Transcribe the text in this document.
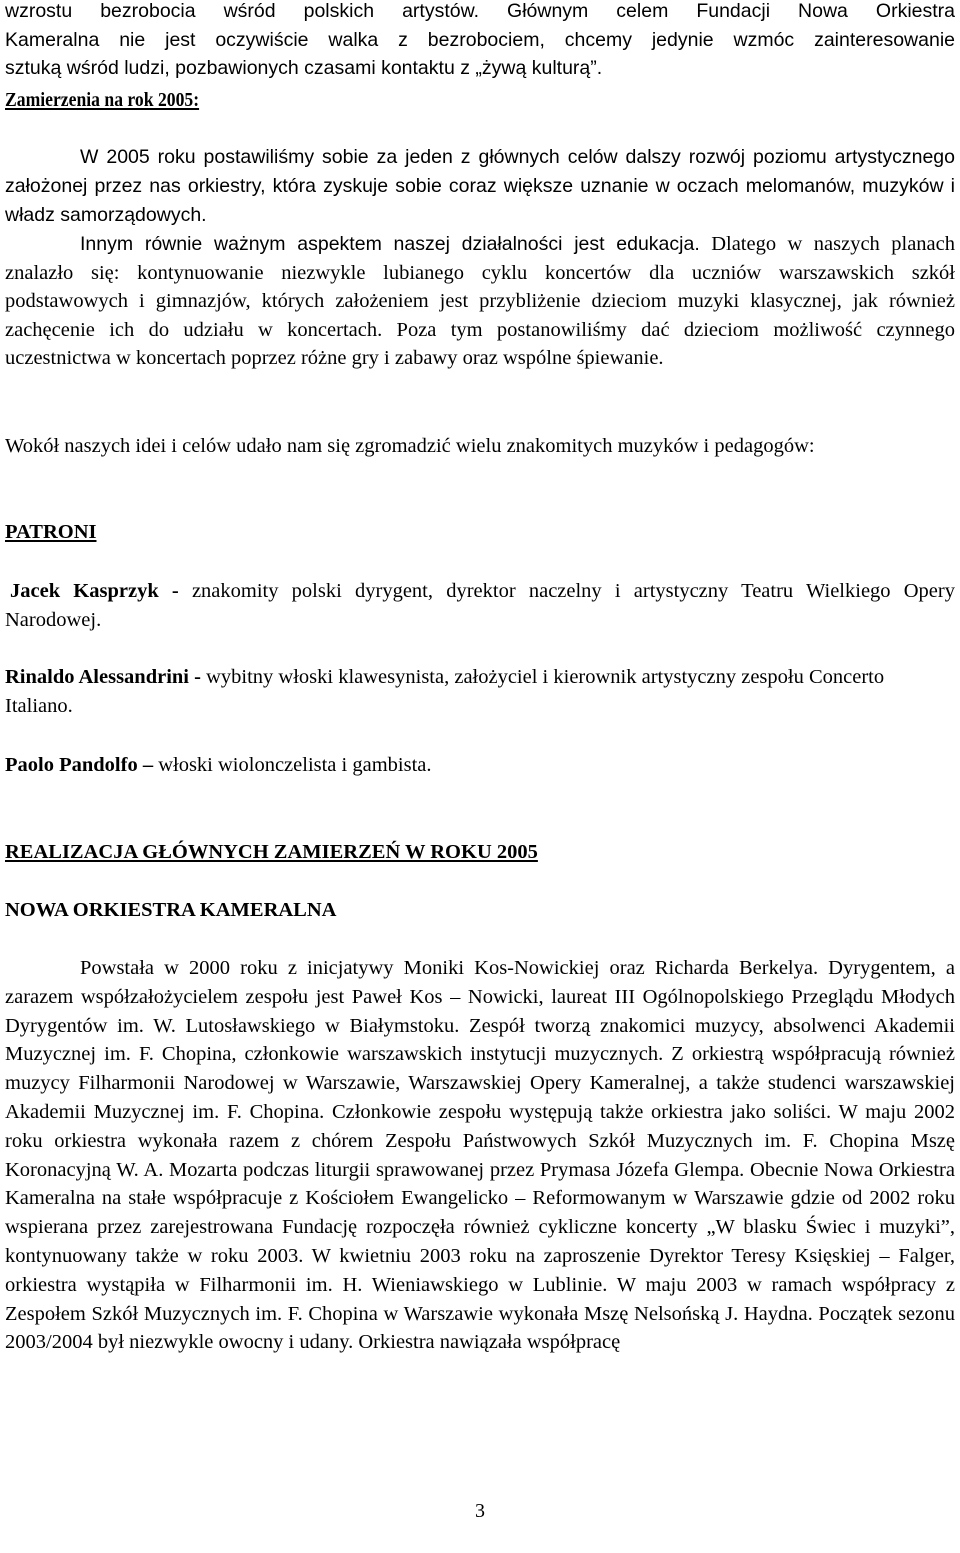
wzrostu bezrobocia wśród polskich artystów. Głównym celem Fundacji Nowa Orkiestra
Kameralna nie jest oczywiście walka z bezrobociem, chcemy jedynie wzmóc zainteresowanie
sztuką wśród ludzi, pozbawionych czasami kontaktu z „żywą kulturą”.

Zamierzenia na rok 2005:

W 2005 roku postawiliśmy sobie za jeden z głównych celów dalszy rozwój poziomu artystycznego założonej przez nas orkiestry, która zyskuje sobie coraz większe uznanie w oczach melomanów, muzyków i władz samorządowych.

Innym równie ważnym aspektem naszej działalności jest edukacja. Dlatego w naszych planach znalazło się: kontynuowanie niezwykle lubianego cyklu koncertów dla uczniów warszawskich szkół podstawowych i gimnazjów, których założeniem jest przybliżenie dzieciom muzyki klasycznej, jak również zachęcenie ich do udziału w koncertach. Poza tym postanowiliśmy dać dzieciom możliwość czynnego uczestnictwa w koncertach poprzez różne gry i zabawy oraz wspólne śpiewanie.

Wokół naszych idei i celów udało nam się zgromadzić wielu znakomitych muzyków i pedagogów:

PATRONI

Jacek Kasprzyk - znakomity polski dyrygent, dyrektor naczelny i artystyczny Teatru Wielkiego Opery Narodowej.

Rinaldo Alessandrini - wybitny włoski klawesynista, założyciel i kierownik artystyczny zespołu Concerto Italiano.

Paolo Pandolfo – włoski wiolonczelista i gambista.

REALIZACJA GŁÓWNYCH ZAMIERZEŃ W ROKU 2005
NOWA ORKIESTRA KAMERALNA

Powstała w 2000 roku z inicjatywy Moniki Kos-Nowickiej oraz Richarda Berkelya. Dyrygentem, a zarazem współzałożycielem zespołu jest Paweł Kos – Nowicki, laureat III Ogólnopolskiego Przeglądu Młodych Dyrygentów im. W. Lutosławskiego w Białymstoku. Zespół tworzą znakomici muzycy, absolwenci Akademii Muzycznej im. F. Chopina, członkowie warszawskich instytucji muzycznych. Z orkiestrą współpracują również muzycy Filharmonii Narodowej w Warszawie, Warszawskiej Opery Kameralnej, a także studenci warszawskiej Akademii Muzycznej im. F. Chopina. Członkowie zespołu występują także orkiestra jako soliści. W maju 2002 roku orkiestra wykonała razem z chórem Zespołu Państwowych Szkół Muzycznych im. F. Chopina Mszę Koronacyjną W. A. Mozarta podczas liturgii sprawowanej przez Prymasa Józefa Glempa. Obecnie Nowa Orkiestra Kameralna na stałe współpracuje z Kościołem Ewangelicko – Reformowanym w Warszawie gdzie od 2002 roku wspierana przez zarejestrowana Fundację rozpoczęła również cykliczne koncerty „W blasku Świec i muzyki”, kontynuowany także w roku 2003. W kwietniu 2003 roku na zaproszenie Dyrektor Teresy Księskiej – Falger, orkiestra wystąpiła w Filharmonii im. H. Wieniawskiego w Lublinie. W maju 2003 w ramach współpracy z Zespołem Szkół Muzycznych im. F. Chopina w Warszawie wykonała Mszę Nelsońską J. Haydna. Początek sezonu 2003/2004 był niezwykle owocny i udany. Orkiestra nawiązała współpracę

3
